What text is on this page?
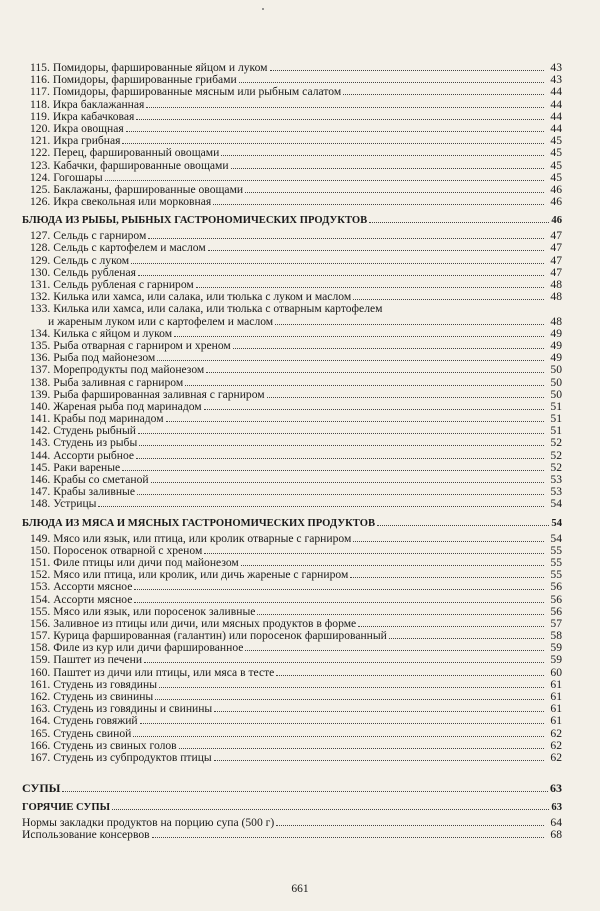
115. Помидоры, фаршированные яйцом и луком	43
116. Помидоры, фаршированные грибами	43
117. Помидоры, фаршированные мясным или рыбным салатом	44
118. Икра баклажанная	44
119. Икра кабачковая	44
120. Икра овощная	44
121. Икра грибная	45
122. Перец, фаршированный овощами	45
123. Кабачки, фаршированные овощами	45
124. Гогошары	45
125. Баклажаны, фаршированные овощами	46
126. Икра свекольная или морковная	46
БЛЮДА ИЗ РЫБЫ, РЫБНЫХ ГАСТРОНОМИЧЕСКИХ ПРОДУКТОВ	46
127. Сельдь с гарниром	47
128. Сельдь с картофелем и маслом	47
129. Сельдь с луком	47
130. Сельдь рубленая	47
131. Сельдь рубленая с гарниром	48
132. Килька или хамса, или салака, или тюлька с луком и маслом	48
133. Килька или хамса, или салака, или тюлька с отварным картофелем
и жареным луком или с картофелем и маслом	48
134. Килька с яйцом и луком	49
135. Рыба отварная с гарниром и хреном	49
136. Рыба под майонезом	49
137. Морепродукты под майонезом	50
138. Рыба заливная с гарниром	50
139. Рыба фаршированная заливная с гарниром	50
140. Жареная рыба под маринадом	51
141. Крабы под маринадом	51
142. Студень рыбный	51
143. Студень из рыбы	52
144. Ассорти рыбное	52
145. Раки вареные	52
146. Крабы со сметаной	53
147. Крабы заливные	53
148. Устрицы	54
БЛЮДА ИЗ МЯСА И МЯСНЫХ ГАСТРОНОМИЧЕСКИХ ПРОДУКТОВ	54
149. Мясо или язык, или птица, или кролик отварные с гарниром	54
150. Поросенок отварной с хреном	55
151. Филе птицы или дичи под майонезом	55
152. Мясо или птица, или кролик, или дичь жареные с гарниром	55
153. Ассорти мясное	56
154. Ассорти мясное	56
155. Мясо или язык, или поросенок заливные	56
156. Заливное из птицы или дичи, или мясных продуктов в форме	57
157. Курица фаршированная (галантин) или поросенок фаршированный	58
158. Филе из кур или дичи фаршированное	59
159. Паштет из печени	59
160. Паштет из дичи или птицы, или мяса в тесте	60
161. Студень из говядины	61
162. Студень из свинины	61
163. Студень из говядины и свинины	61
164. Студень говяжий	61
165. Студень свиной	62
166. Студень из свиных голов	62
167. Студень из субпродуктов птицы	62
СУПЫ	63
ГОРЯЧИЕ СУПЫ	63
Нормы закладки продуктов на порцию супа (500 г)	64
Использование консервов	68
661
